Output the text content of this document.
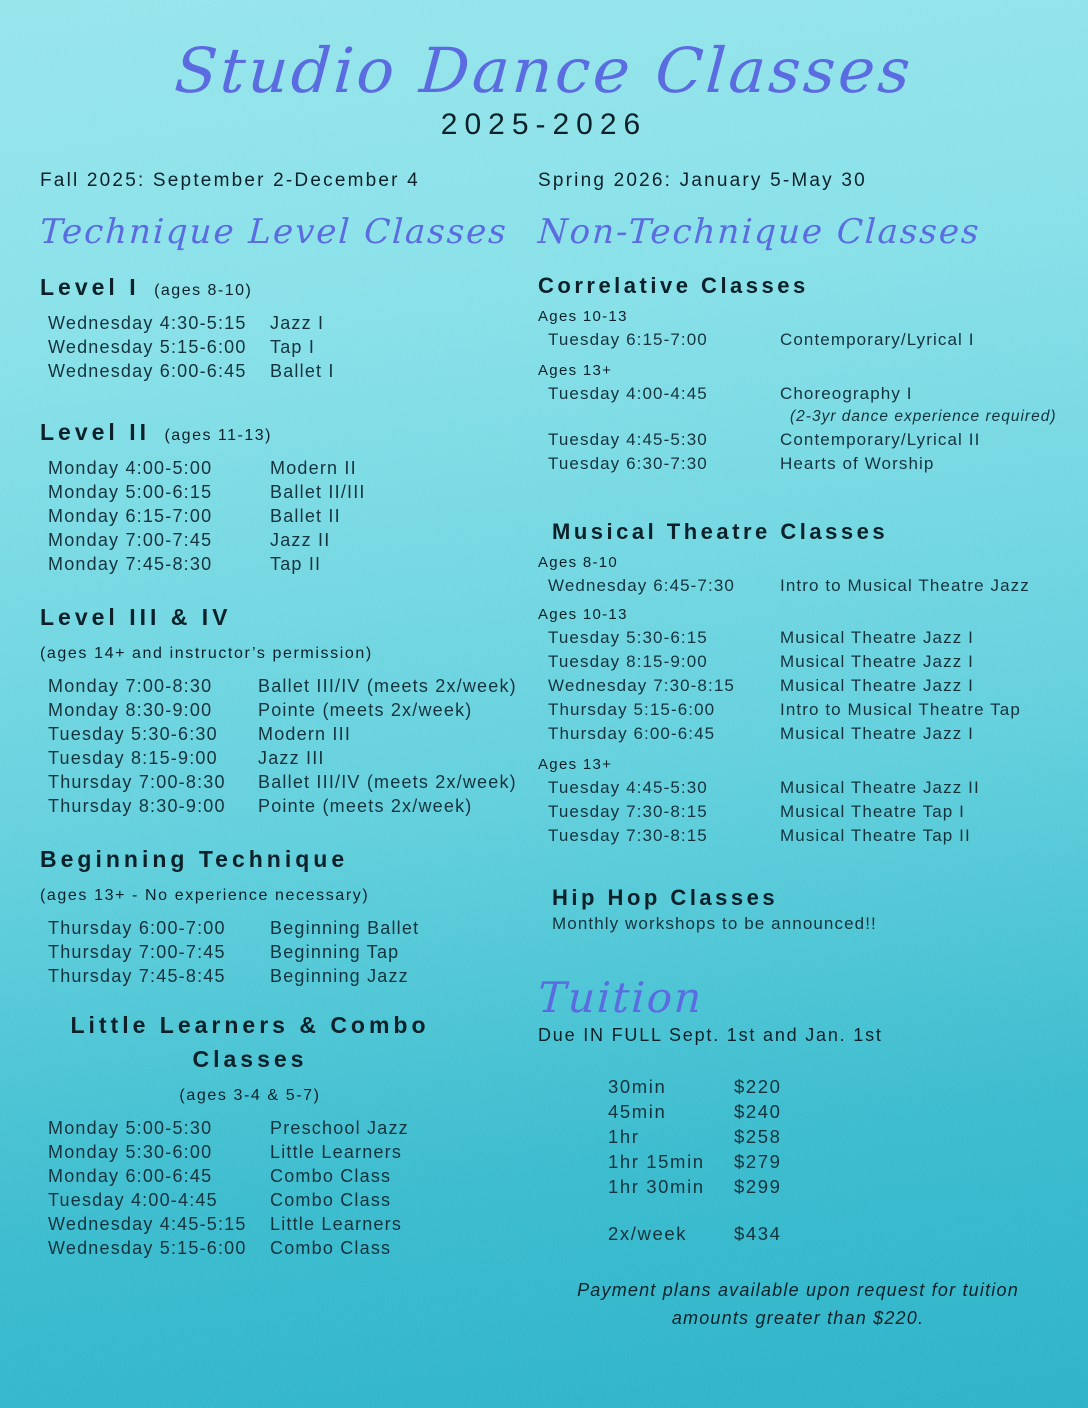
Studio Dance Classes
2025-2026
Fall 2025: September 2-December 4	Spring 2026: January 5-May 30
Technique Level Classes
Level I (ages 8-10)
Wednesday 4:30-5:15	Jazz I
Wednesday 5:15-6:00	Tap I
Wednesday 6:00-6:45	Ballet I
Level II (ages 11-13)
Monday 4:00-5:00	Modern II
Monday 5:00-6:15	Ballet II/III
Monday 6:15-7:00	Ballet II
Monday 7:00-7:45	Jazz II
Monday 7:45-8:30	Tap II
Level III & IV
(ages 14+ and instructor’s permission)
Monday 7:00-8:30	Ballet III/IV (meets 2x/week)
Monday 8:30-9:00	Pointe (meets 2x/week)
Tuesday 5:30-6:30	Modern III
Tuesday 8:15-9:00	Jazz III
Thursday 7:00-8:30	Ballet III/IV (meets 2x/week)
Thursday 8:30-9:00	Pointe (meets 2x/week)
Beginning Technique
(ages 13+ - No experience necessary)
Thursday 6:00-7:00	Beginning Ballet
Thursday 7:00-7:45	Beginning Tap
Thursday 7:45-8:45	Beginning Jazz
Little Learners & Combo Classes
(ages 3-4 & 5-7)
Monday 5:00-5:30	Preschool Jazz
Monday 5:30-6:00	Little Learners
Monday 6:00-6:45	Combo Class
Tuesday 4:00-4:45	Combo Class
Wednesday 4:45-5:15	Little Learners
Wednesday 5:15-6:00	Combo Class
Non-Technique Classes
Correlative Classes
Ages 10-13
Tuesday 6:15-7:00	Contemporary/Lyrical I
Ages 13+
Tuesday 4:00-4:45	Choreography I
(2-3yr dance experience required)
Tuesday 4:45-5:30	Contemporary/Lyrical II
Tuesday 6:30-7:30	Hearts of Worship
Musical Theatre Classes
Ages 8-10
Wednesday 6:45-7:30	Intro to Musical Theatre Jazz
Ages 10-13
Tuesday 5:30-6:15	Musical Theatre Jazz I
Tuesday 8:15-9:00	Musical Theatre Jazz I
Wednesday 7:30-8:15	Musical Theatre Jazz I
Thursday 5:15-6:00	Intro to Musical Theatre Tap
Thursday 6:00-6:45	Musical Theatre Jazz I
Ages 13+
Tuesday 4:45-5:30	Musical Theatre Jazz II
Tuesday 7:30-8:15	Musical Theatre Tap I
Tuesday 7:30-8:15	Musical Theatre Tap II
Hip Hop Classes
Monthly workshops to be announced!!
Tuition
Due IN FULL Sept. 1st and Jan. 1st
30min	$220
45min	$240
1hr	$258
1hr 15min	$279
1hr 30min	$299
2x/week	$434
Payment plans available upon request for tuition amounts greater than $220.
